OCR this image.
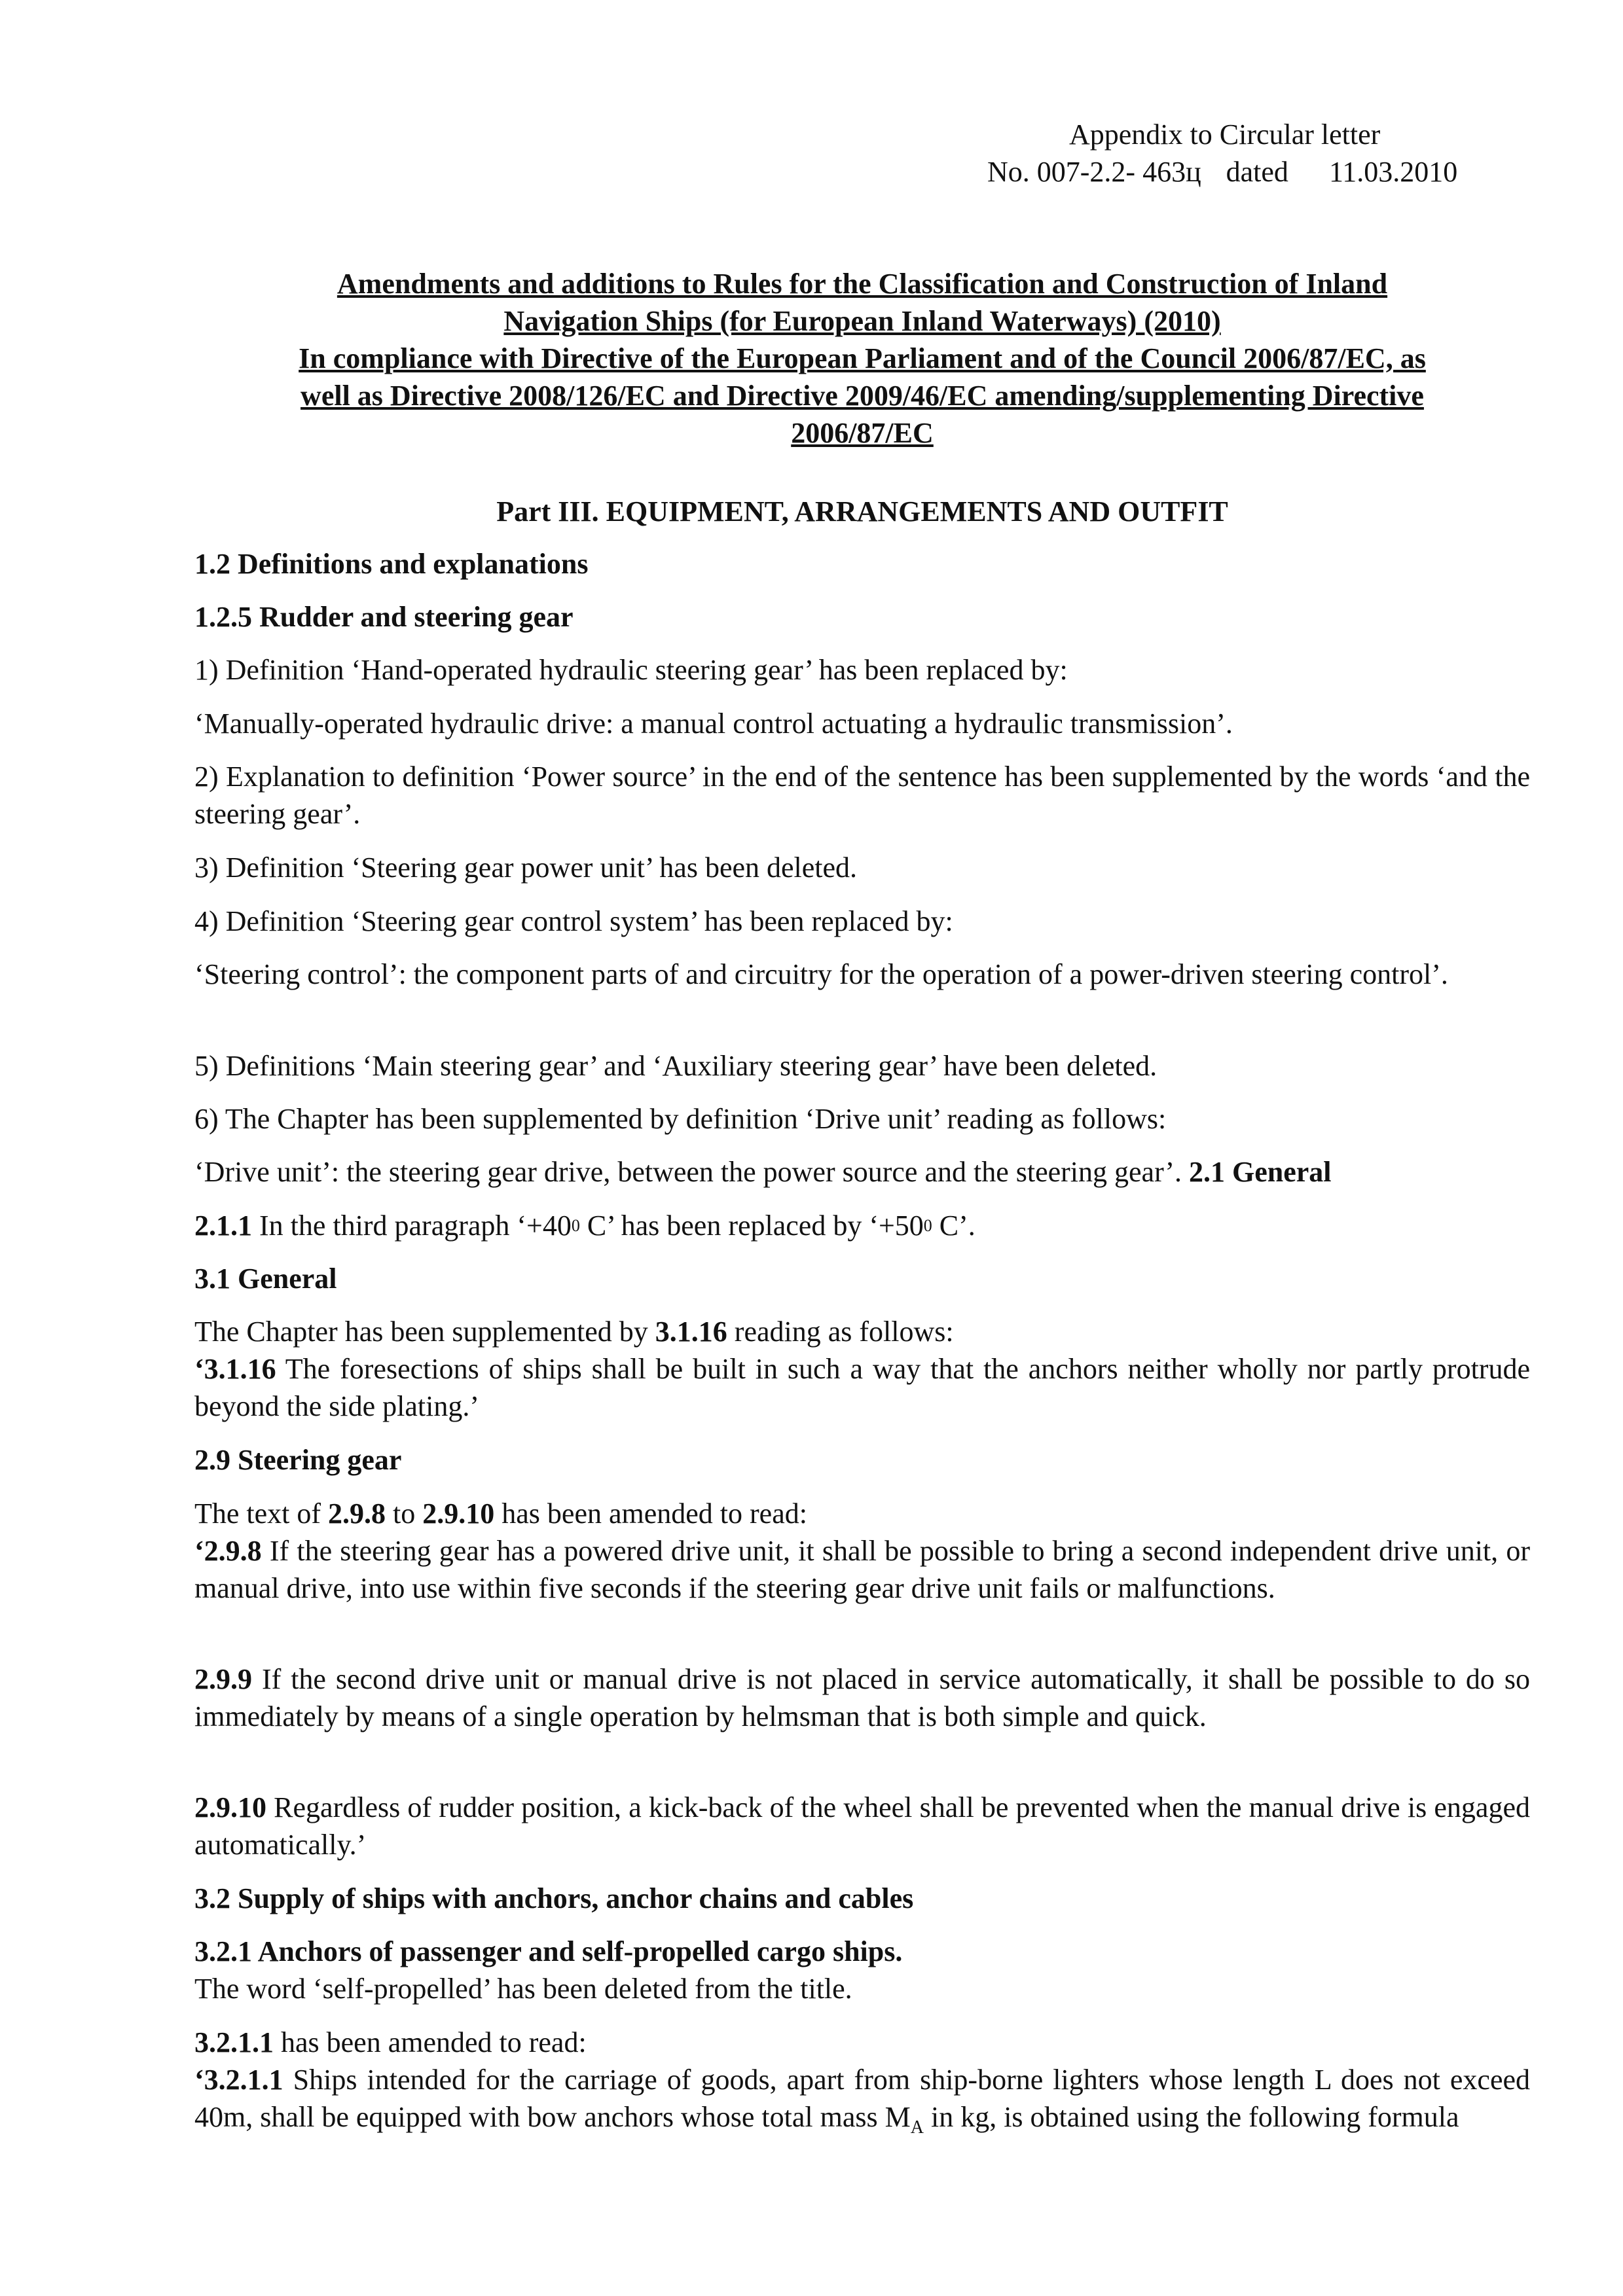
Appendix to Circular letter
No. 007-2.2- 463ц dated 11.03.2010
Amendments and additions to Rules for the Classification and Construction of Inland
Navigation Ships (for European Inland Waterways) (2010)
In compliance with Directive of the European Parliament and of the Council 2006/87/EC, as
well as Directive 2008/126/EC and Directive 2009/46/EC amending/supplementing Directive
2006/87/EC
Part III. EQUIPMENT, ARRANGEMENTS AND OUTFIT
1.2 Definitions and explanations
1.2.5 Rudder and steering gear
1) Definition ‘Hand-operated hydraulic steering gear’ has been replaced by:
‘Manually-operated hydraulic drive: a manual control actuating a hydraulic transmission’.
2) Explanation to definition ‘Power source’ in the end of the sentence has been supplemented by the words ‘and the steering gear’.
3) Definition ‘Steering gear power unit’ has been deleted.
4) Definition ‘Steering gear control system’ has been replaced by:
‘Steering control’: the component parts of and circuitry for the operation of a power-driven steering control’.
5) Definitions ‘Main steering gear’ and ‘Auxiliary steering gear’ have been deleted.
6) The Chapter has been supplemented by definition ‘Drive unit’ reading as follows:
‘Drive unit’: the steering gear drive, between the power source and the steering gear’. 2.1 General
2.1.1 In the third paragraph ‘$+40^0$ C’ has been replaced by ‘$+50^0$ C’.
3.1 General
The Chapter has been supplemented by 3.1.16 reading as follows:
‘3.1.16 The foresections of ships shall be built in such a way that the anchors neither wholly nor partly protrude beyond the side plating.’
2.9 Steering gear
The text of 2.9.8 to 2.9.10 has been amended to read:
‘2.9.8 If the steering gear has a powered drive unit, it shall be possible to bring a second independent drive unit, or manual drive, into use within five seconds if the steering gear drive unit fails or malfunctions.
2.9.9 If the second drive unit or manual drive is not placed in service automatically, it shall be possible to do so immediately by means of a single operation by helmsman that is both simple and quick.
2.9.10 Regardless of rudder position, a kick-back of the wheel shall be prevented when the manual drive is engaged automatically.’
3.2 Supply of ships with anchors, anchor chains and cables
3.2.1 Anchors of passenger and self-propelled cargo ships.
The word ‘self-propelled’ has been deleted from the title.
3.2.1.1 has been amended to read:
‘3.2.1.1 Ships intended for the carriage of goods, apart from ship-borne lighters whose length L does not exceed 40m, shall be equipped with bow anchors whose total mass $M_A$ in kg, is obtained using the following formula
